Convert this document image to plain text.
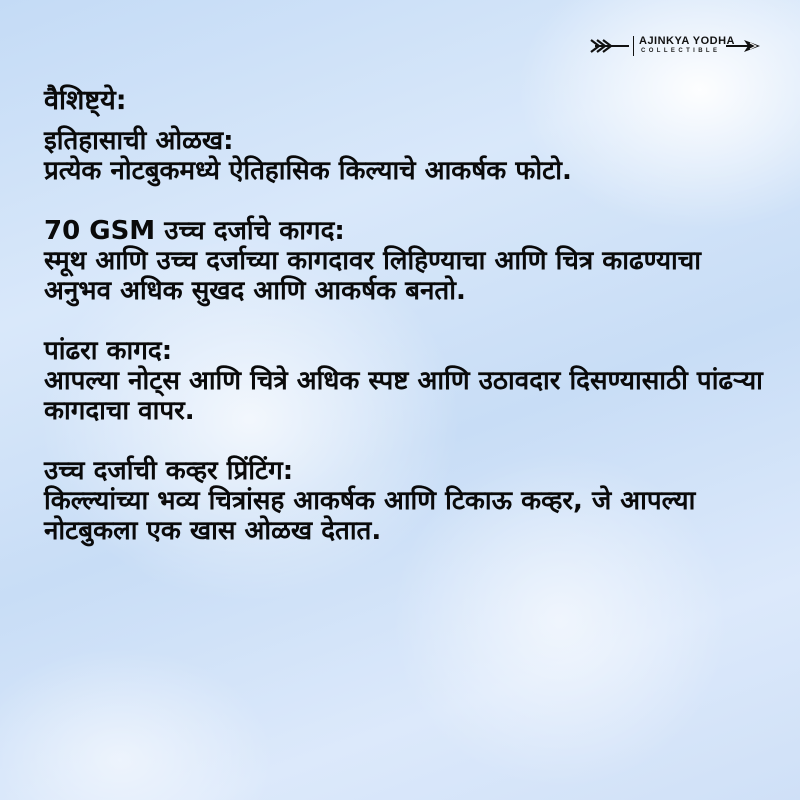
AJINKYA YODHA
COLLECTIBLE
वैशिष्ट्ये:
इतिहासाची ओळख:
प्रत्येक नोटबुकमध्ये ऐतिहासिक किल्याचे आकर्षक फोटो.
70 GSM उच्च दर्जाचे कागद:
स्मूथ आणि उच्च दर्जाच्या कागदावर लिहिण्याचा आणि चित्र काढण्याचा अनुभव अधिक सुखद आणि आकर्षक बनतो.
पांढरा कागद:
आपल्या नोट्स आणि चित्रे अधिक स्पष्ट आणि उठावदार दिसण्यासाठी पांढऱ्या कागदाचा वापर.
उच्च दर्जाची कव्हर प्रिंटिंग:
किल्ल्यांच्या भव्य चित्रांसह आकर्षक आणि टिकाऊ कव्हर, जे आपल्या नोटबुकला एक खास ओळख देतात.
